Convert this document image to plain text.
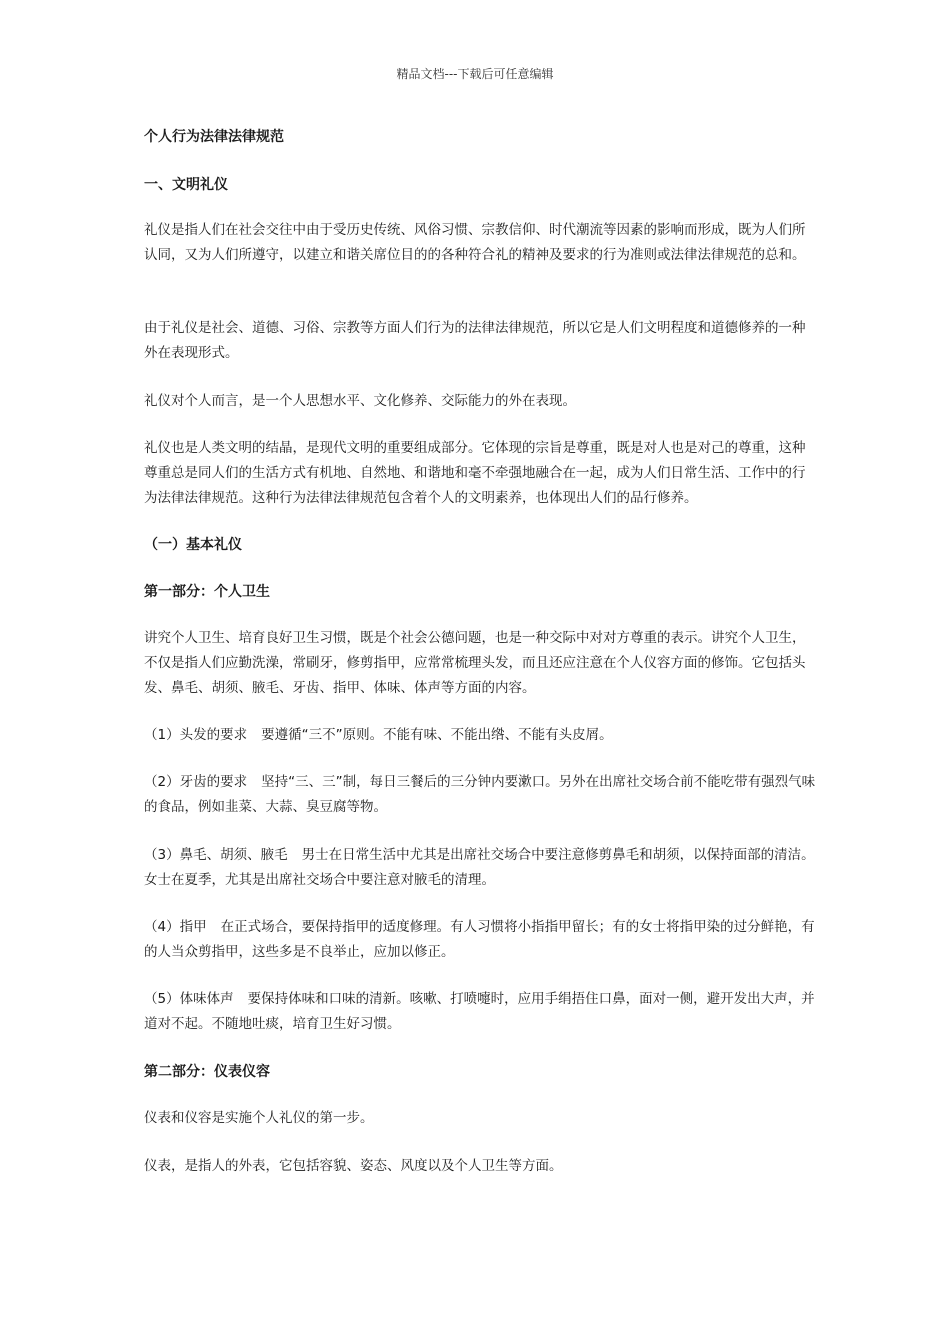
精品文档---下载后可任意编辑
个人行为法律法律规范
一、文明礼仪

礼仪是指人们在社会交往中由于受历史传统、风俗习惯、宗教信仰、时代潮流等因素的影响而形成，既为人们所认同，又为人们所遵守，以建立和谐关席位目的的各种符合礼的精神及要求的行为准则或法律法律规范的总和。

由于礼仪是社会、道德、习俗、宗教等方面人们行为的法律法律规范，所以它是人们文明程度和道德修养的一种外在表现形式。

礼仪对个人而言，是一个人思想水平、文化修养、交际能力的外在表现。

礼仪也是人类文明的结晶，是现代文明的重要组成部分。它体现的宗旨是尊重，既是对人也是对己的尊重，这种尊重总是同人们的生活方式有机地、自然地、和谐地和毫不牵强地融合在一起，成为人们日常生活、工作中的行为法律法律规范。这种行为法律法律规范包含着个人的文明素养，也体现出人们的品行修养。

（一）基本礼仪
第一部分：个人卫生

讲究个人卫生、培育良好卫生习惯，既是个社会公德问题，也是一种交际中对对方尊重的表示。讲究个人卫生，不仅是指人们应勤洗澡，常刷牙，修剪指甲，应常常梳理头发，而且还应注意在个人仪容方面的修饰。它包括头发、鼻毛、胡须、腋毛、牙齿、指甲、体味、体声等方面的内容。

（1）头发的要求 要遵循“三不”原则。不能有味、不能出绺、不能有头皮屑。

（2）牙齿的要求 坚持“三、三”制，每日三餐后的三分钟内要漱口。另外在出席社交场合前不能吃带有强烈气味的食品，例如韭菜、大蒜、臭豆腐等物。

（3）鼻毛、胡须、腋毛 男士在日常生活中尤其是出席社交场合中要注意修剪鼻毛和胡须，以保持面部的清洁。女士在夏季，尤其是出席社交场合中要注意对腋毛的清理。

（4）指甲 在正式场合，要保持指甲的适度修理。有人习惯将小指指甲留长；有的女士将指甲染的过分鲜艳，有的人当众剪指甲，这些多是不良举止，应加以修正。

（5）体味体声 要保持体味和口味的清新。咳嗽、打喷嚏时，应用手绢捂住口鼻，面对一侧，避开发出大声，并道对不起。不随地吐痰，培育卫生好习惯。

第二部分：仪表仪容

仪表和仪容是实施个人礼仪的第一步。

仪表，是指人的外表，它包括容貌、姿态、风度以及个人卫生等方面。
